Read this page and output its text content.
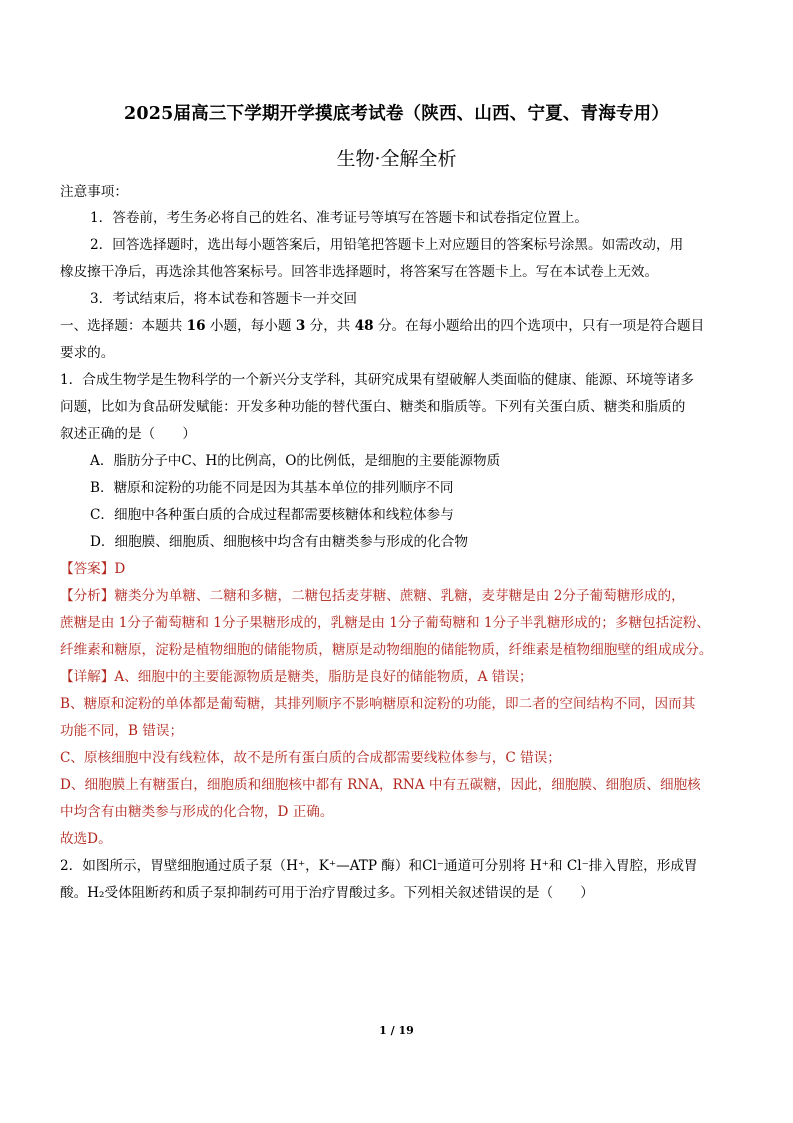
2025届高三下学期开学摸底考试卷（陕西、山西、宁夏、青海专用）
生物·全解全析
注意事项：
1．答卷前，考生务必将自己的姓名、准考证号等填写在答题卡和试卷指定位置上。
2．回答选择题时，选出每小题答案后，用铅笔把答题卡上对应题目的答案标号涂黑。如需改动，用
橡皮擦干净后，再选涂其他答案标号。回答非选择题时，将答案写在答题卡上。写在本试卷上无效。
3．考试结束后，将本试卷和答题卡一并交回
一、选择题：本题共 16 小题，每小题 3 分，共 48 分。在每小题给出的四个选项中，只有一项是符合题目
要求的。
1．合成生物学是生物科学的一个新兴分支学科，其研究成果有望破解人类面临的健康、能源、环境等诸多
问题，比如为食品研发赋能：开发多种功能的替代蛋白、糖类和脂质等。下列有关蛋白质、糖类和脂质的
叙述正确的是（　　）
A．脂肪分子中C、H的比例高，O的比例低，是细胞的主要能源物质
B．糖原和淀粉的功能不同是因为其基本单位的排列顺序不同
C．细胞中各种蛋白质的合成过程都需要核糖体和线粒体参与
D．细胞膜、细胞质、细胞核中均含有由糖类参与形成的化合物
【答案】D
【分析】糖类分为单糖、二糖和多糖，二糖包括麦芽糖、蔗糖、乳糖，麦芽糖是由 2分子葡萄糖形成的，
蔗糖是由 1分子葡萄糖和 1分子果糖形成的，乳糖是由 1分子葡萄糖和 1分子半乳糖形成的；多糖包括淀粉、
纤维素和糖原，淀粉是植物细胞的储能物质，糖原是动物细胞的储能物质，纤维素是植物细胞壁的组成成分。
【详解】A、细胞中的主要能源物质是糖类，脂肪是良好的储能物质，A 错误；
B、糖原和淀粉的单体都是葡萄糖，其排列顺序不影响糖原和淀粉的功能，即二者的空间结构不同，因而其
功能不同，B 错误；
C、原核细胞中没有线粒体，故不是所有蛋白质的合成都需要线粒体参与，C 错误；
D、细胞膜上有糖蛋白，细胞质和细胞核中都有 RNA，RNA 中有五碳糖，因此，细胞膜、细胞质、细胞核
中均含有由糖类参与形成的化合物，D 正确。
故选D。
2．如图所示，胃壁细胞通过质子泵（H⁺，K⁺—ATP 酶）和Cl⁻通道可分别将 H⁺和 Cl⁻排入胃腔，形成胃
酸。H₂受体阻断药和质子泵抑制药可用于治疗胃酸过多。下列相关叙述错误的是（　　）
1 / 19
